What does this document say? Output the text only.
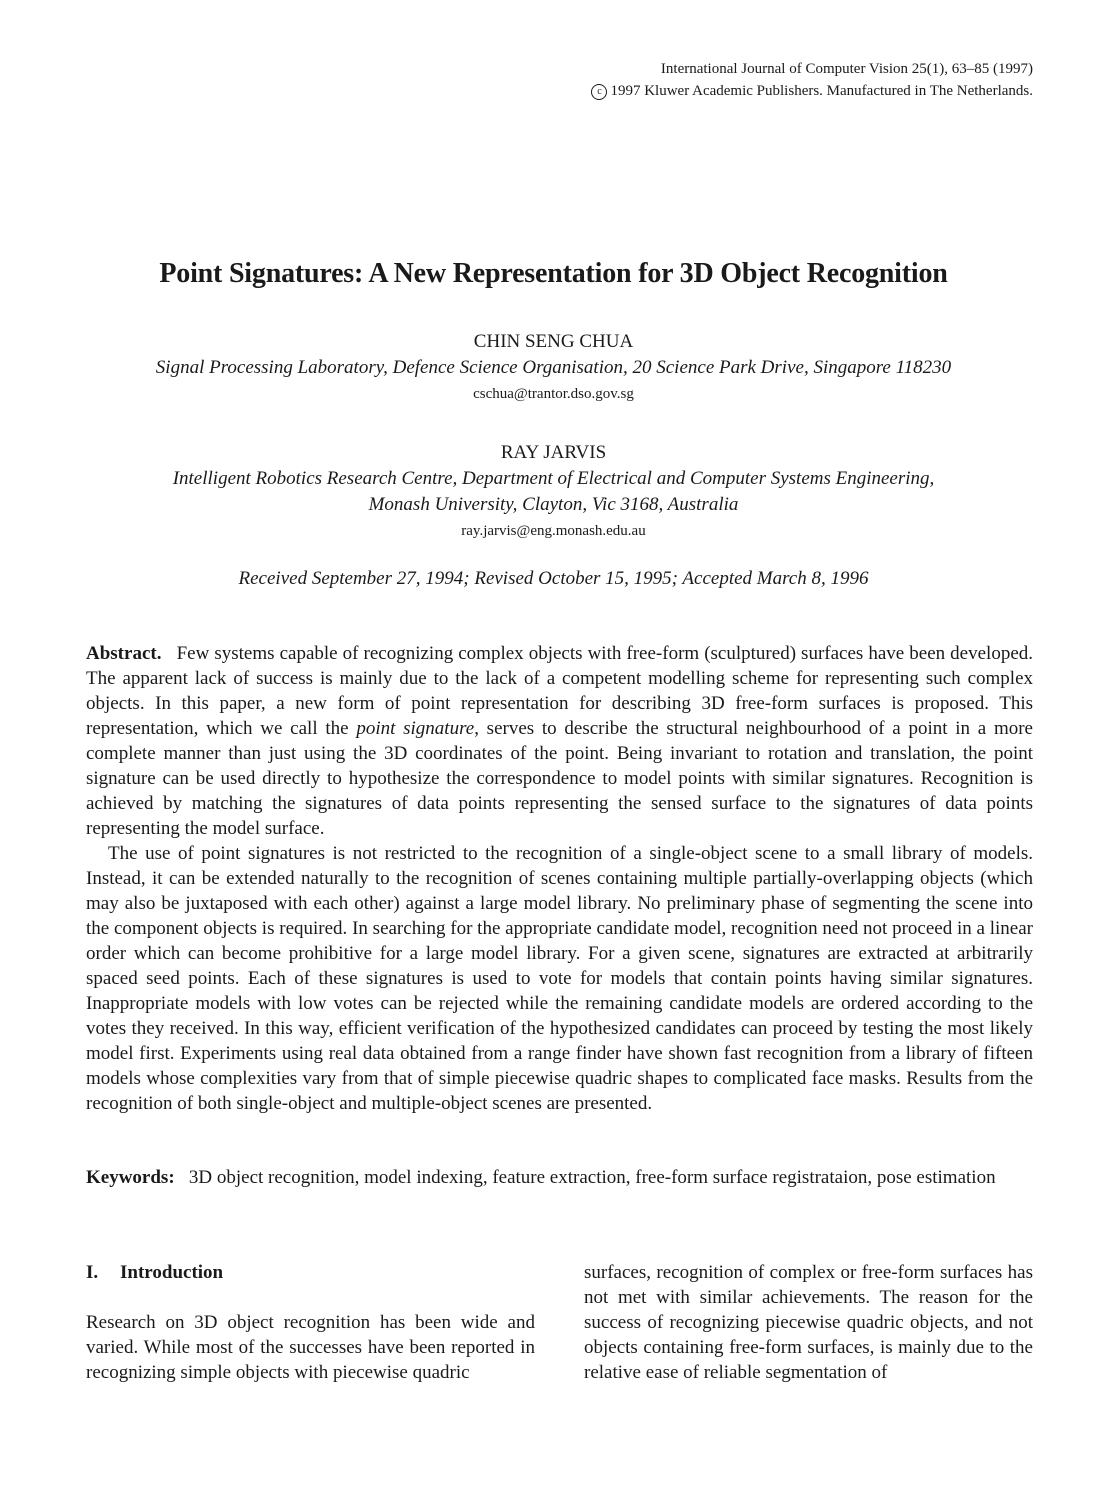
International Journal of Computer Vision 25(1), 63–85 (1997)
c 1997 Kluwer Academic Publishers. Manufactured in The Netherlands.
Point Signatures: A New Representation for 3D Object Recognition
CHIN SENG CHUA
Signal Processing Laboratory, Defence Science Organisation, 20 Science Park Drive, Singapore 118230
cschua@trantor.dso.gov.sg
RAY JARVIS
Intelligent Robotics Research Centre, Department of Electrical and Computer Systems Engineering,
Monash University, Clayton, Vic 3168, Australia
ray.jarvis@eng.monash.edu.au
Received September 27, 1994; Revised October 15, 1995; Accepted March 8, 1996

Abstract. Few systems capable of recognizing complex objects with free-form (sculptured) surfaces have been developed. The apparent lack of success is mainly due to the lack of a competent modelling scheme for representing such complex objects. In this paper, a new form of point representation for describing 3D free-form surfaces is proposed. This representation, which we call the point signature, serves to describe the structural neighbourhood of a point in a more complete manner than just using the 3D coordinates of the point. Being invariant to rotation and translation, the point signature can be used directly to hypothesize the correspondence to model points with similar signatures. Recognition is achieved by matching the signatures of data points representing the sensed surface to the signatures of data points representing the model surface.

The use of point signatures is not restricted to the recognition of a single-object scene to a small library of models. Instead, it can be extended naturally to the recognition of scenes containing multiple partially-overlapping objects (which may also be juxtaposed with each other) against a large model library. No preliminary phase of segmenting the scene into the component objects is required. In searching for the appropriate candidate model, recognition need not proceed in a linear order which can become prohibitive for a large model library. For a given scene, signatures are extracted at arbitrarily spaced seed points. Each of these signatures is used to vote for models that contain points having similar signatures. Inappropriate models with low votes can be rejected while the remaining candidate models are ordered according to the votes they received. In this way, efficient verification of the hypothesized candidates can proceed by testing the most likely model first. Experiments using real data obtained from a range finder have shown fast recognition from a library of fifteen models whose complexities vary from that of simple piecewise quadric shapes to complicated face masks. Results from the recognition of both single-object and multiple-object scenes are presented.

Keywords: 3D object recognition, model indexing, feature extraction, free-form surface registrataion, pose estimation
I. Introduction

Research on 3D object recognition has been wide and varied. While most of the successes have been reported in recognizing simple objects with piecewise quadric

surfaces, recognition of complex or free-form surfaces has not met with similar achievements. The reason for the success of recognizing piecewise quadric objects, and not objects containing free-form surfaces, is mainly due to the relative ease of reliable segmentation of
